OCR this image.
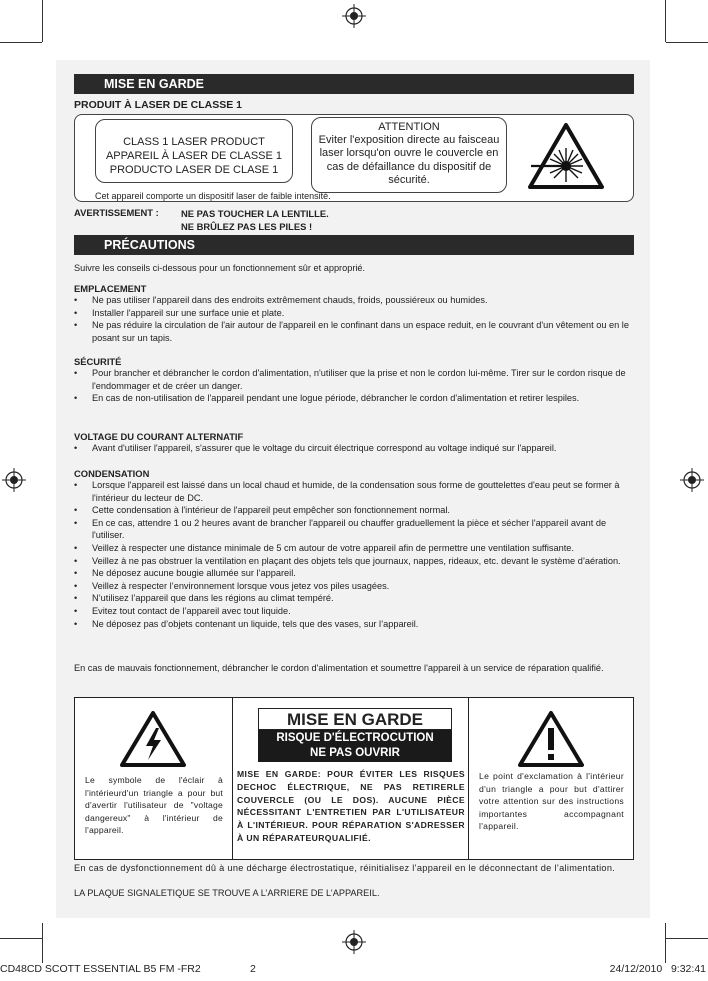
MISE EN GARDE
PRODUIT À LASER DE CLASSE 1
CLASS 1 LASER PRODUCT
APPAREIL À LASER DE CLASSE 1
PRODUCTO LASER DE CLASE 1
ATTENTION
Eviter l'exposition directe au faisceau laser lorsqu'on ouvre le couvercle en cas de défaillance du dispositif de sécurité.
Cet appareil comporte un dispositif laser de faible intensité.
AVERTISSEMENT : NE PAS TOUCHER LA LENTILLE.
NE BRÛLEZ PAS LES PILES !
PRÉCAUTIONS
Suivre les conseils ci-dessous pour un fonctionnement sûr et approprié.
EMPLACEMENT
• Ne pas utiliser l'appareil dans des endroits extrêmement chauds, froids, poussiéreux ou humides.
• Installer l'appareil sur une surface unie et plate.
• Ne pas réduire la circulation de l'air autour de l'appareil en le confinant dans un espace reduit, en le couvrant d'un vêtement ou en le posant sur un tapis.
SÉCURITÉ
• Pour brancher et débrancher le cordon d'alimentation, n'utiliser que la prise et non le cordon lui-même. Tirer sur le cordon risque de l'endommager et de créer un danger.
• En cas de non-utilisation de l'appareil pendant une logue période, débrancher le cordon d'alimentation et retirer lespiles.
VOLTAGE DU COURANT ALTERNATIF
• Avant d'utiliser l'appareil, s'assurer que le voltage du circuit électrique correspond au voltage indiqué sur l'appareil.
CONDENSATION
• Lorsque l'appareil est laissé dans un local chaud et humide, de la condensation sous forme de gouttelettes d'eau peut se former à l'intérieur du lecteur de DC.
• Cette condensation à l'intérieur de l'appareil peut empêcher son fonctionnement normal.
• En ce cas, attendre 1 ou 2 heures avant de brancher l'appareil ou chauffer graduellement la pièce et sécher l'appareil avant de l'utiliser.
• Veillez à respecter une distance minimale de 5 cm autour de votre appareil afin de permettre une ventilation suffisante.
• Veillez à ne pas obstruer la ventilation en plaçant des objets tels que journaux, nappes, rideaux, etc. devant le système d’aération.
• Ne déposez aucune bougie allumée sur l’appareil.
• Veillez à respecter l’environnement lorsque vous jetez vos piles usagées.
• N’utilisez l’appareil que dans les régions au climat tempéré.
• Evitez tout contact de l’appareil avec tout liquide.
• Ne déposez pas d’objets contenant un liquide, tels que des vases, sur l’appareil.
En cas de mauvais fonctionnement, débrancher le cordon d'alimentation et soumettre l'appareil à un service de réparation qualifié.
Le symbole de l'éclair à l'intérieurd'un triangle a pour but d'avertir l'utilisateur de "voltage dangereux" à l'intérieur de l'appareil.
MISE EN GARDE
RISQUE D'ÉLECTROCUTION
NE PAS OUVRIR
MISE EN GARDE: POUR ÉVITER LES RISQUES DECHOC ÉLECTRIQUE, NE PAS RETIRERLE COUVERCLE (OU LE DOS). AUCUNE PIÈCE NÉCESSITANT L'ENTRETIEN PAR L'UTILISATEUR À L'INTÉRIEUR. POUR RÉPARATION S'ADRESSER À UN RÉPARATEURQUALIFIÉ.
Le point d'exclamation à l'intérieur d'un triangle a pour but d'attirer votre attention sur des instructions importantes accompagnant l'appareil.
En cas de dysfonctionnement dû à une décharge électrostatique, réinitialisez l’appareil en le déconnectant de l’alimentation.
LA PLAQUE SIGNALETIQUE SE TROUVE A L’ARRIERE DE L’APPAREIL.
CD48CD SCOTT ESSENTIAL B5 FM -FR2	2	24/12/2010   9:32:41
